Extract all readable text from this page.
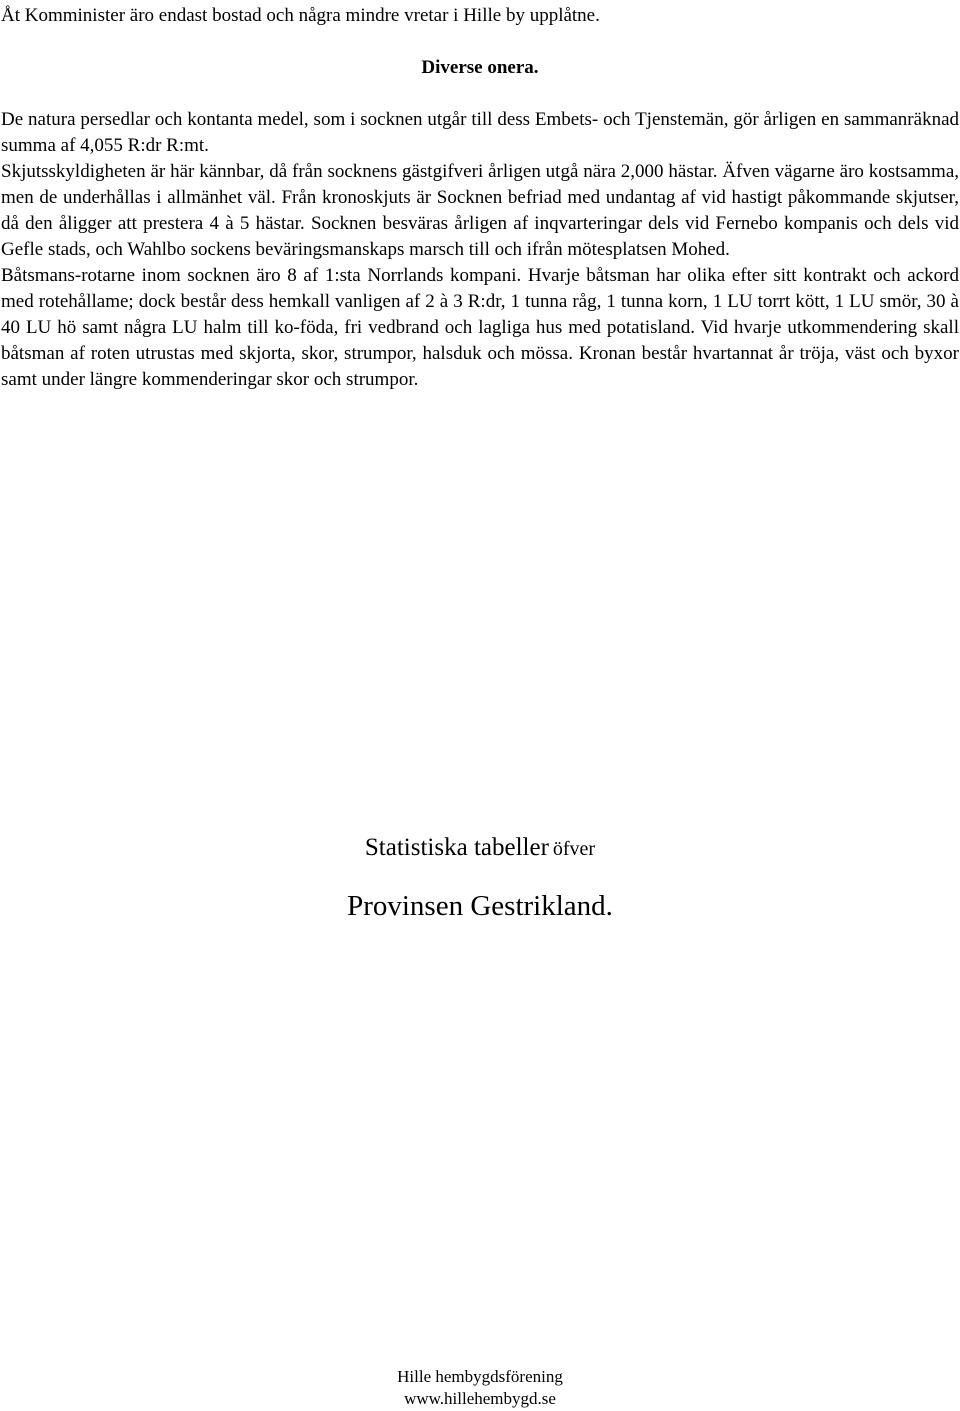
Åt Komminister äro endast bostad och några mindre vretar i Hille by upplåtne.
Diverse onera.

De natura persedlar och kontanta medel, som i socknen utgår till dess Embets- och Tjenstemän, gör årligen en sammanräknad summa af 4,055 R:dr R:mt.

Skjutsskyldigheten är här kännbar, då från socknens gästgifveri årligen utgå nära 2,000 hästar. Äfven vägarne äro kostsamma, men de underhållas i allmänhet väl. Från kronoskjuts är Socknen befriad med undantag af vid hastigt påkommande skjutser, då den åligger att prestera 4 à 5 hästar. Socknen besväras årligen af inqvarteringar dels vid Fernebo kompanis och dels vid Gefle stads, och Wahlbo sockens beväringsmanskaps marsch till och ifrån mötesplatsen Mohed.

Båtsmans-rotarne inom socknen äro 8 af 1:sta Norrlands kompani. Hvarje båtsman har olika efter sitt kontrakt och ackord med rotehållame; dock består dess hemkall vanligen af 2 à 3 R:dr, 1 tunna råg, 1 tunna korn, 1 LU torrt kött, 1 LU smör, 30 à 40 LU hö samt några LU halm till ko-föda, fri vedbrand och lagliga hus med potatisland. Vid hvarje utkommendering skall båtsman af roten utrustas med skjorta, skor, strumpor, halsduk och mössa. Kronan består hvartannat år tröja, väst och byxor samt under längre kommenderingar skor och strumpor.

Statistiska tabeller öfver
Provinsen Gestrikland.
Hille hembygdsförening
www.hillehembygd.se
